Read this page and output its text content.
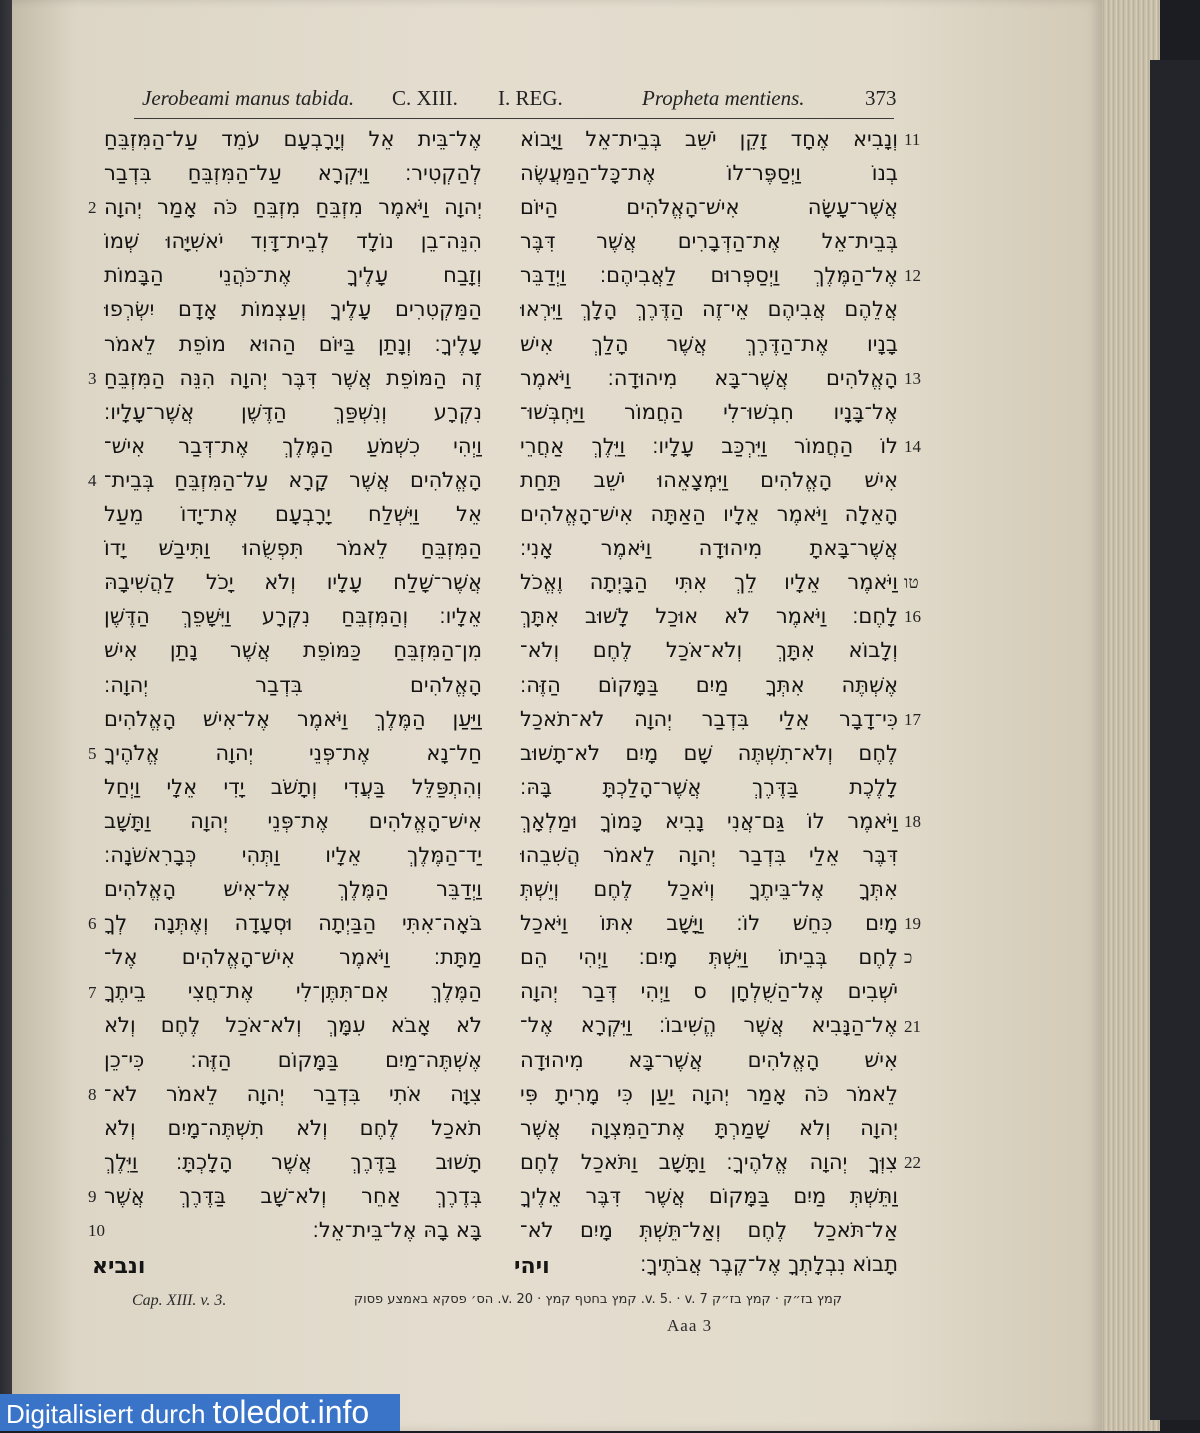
Jerobeami manus tabida. C. XIII. I. REG.	Propheta mentiens.	373
אֶל־בֵּית אֵל וְיָרָבְעָם עֹמֵד עַל־הַמִּזְבֵּחַ
לְהַקְטִיר׃ וַיִּקְרָא עַל־הַמִּזְבֵּחַ בִּדְבַר
יְהוָה וַיֹּאמֶר מִזְבֵּחַ מִזְבֵּחַ כֹּה אָמַר יְהוָה
הִנֵּה־בֵן נוֹלָד לְבֵית־דָּוִד יֹאשִׁיָּהוּ שְׁמוֹ
וְזָבַח עָלֶיךָ אֶת־כֹּהֲנֵי הַבָּמוֹת
הַמַּקְטִרִים עָלֶיךָ וְעַצְמוֹת אָדָם יִשְׂרְפוּ
עָלֶיךָ׃ וְנָתַן בַּיּוֹם הַהוּא מוֹפֵת לֵאמֹר
זֶה הַמּוֹפֵת אֲשֶׁר דִּבֶּר יְהוָה הִנֵּה הַמִּזְבֵּחַ
נִקְרָע וְנִשְׁפַּךְ הַדֶּשֶׁן אֲשֶׁר־עָלָיו׃
וַיְהִי כִשְׁמֹעַ הַמֶּלֶךְ אֶת־דְּבַר אִישׁ־
הָאֱלֹהִים אֲשֶׁר קָרָא עַל־הַמִּזְבֵּחַ בְּבֵית־
אֵל וַיִּשְׁלַח יָרָבְעָם אֶת־יָדוֹ מֵעַל
הַמִּזְבֵּחַ לֵאמֹר תִּפְשֻׂהוּ וַתִּיבַשׁ יָדוֹ
אֲשֶׁר־שָׁלַח עָלָיו וְלֹא יָכֹל לַהֲשִׁיבָהּ
אֵלָיו׃ וְהַמִּזְבֵּחַ נִקְרָע וַיִּשָּׁפֵךְ הַדֶּשֶׁן
מִן־הַמִּזְבֵּחַ כַּמּוֹפֵת אֲשֶׁר נָתַן אִישׁ
הָאֱלֹהִים בִּדְבַר יְהוָה׃
וַיַּעַן הַמֶּלֶךְ וַיֹּאמֶר אֶל־אִישׁ הָאֱלֹהִים
חַל־נָא אֶת־פְּנֵי יְהוָה אֱלֹהֶיךָ
וְהִתְפַּלֵּל בַּעֲדִי וְתָשֹׁב יָדִי אֵלָי וַיְחַל
אִישׁ־הָאֱלֹהִים אֶת־פְּנֵי יְהוָה וַתָּשָׁב
יַד־הַמֶּלֶךְ אֵלָיו וַתְּהִי כְּבָרִאשֹׁנָה׃
וַיְדַבֵּר הַמֶּלֶךְ אֶל־אִישׁ הָאֱלֹהִים
בֹּאָה־אִתִּי הַבַּיְתָה וּסְעָדָה וְאֶתְּנָה לְךָ
מַתָּת׃ וַיֹּאמֶר אִישׁ־הָאֱלֹהִים אֶל־
הַמֶּלֶךְ אִם־תִּתֶּן־לִי אֶת־חֲצִי בֵיתֶךָ
לֹא אָבֹא עִמָּךְ וְלֹא־אֹכַל לֶחֶם וְלֹא
אֶשְׁתֶּה־מַיִם בַּמָּקוֹם הַזֶּה׃ כִּי־כֵן
צִוָּה אֹתִי בִּדְבַר יְהוָה לֵאמֹר לֹא־
תֹאכַל לֶחֶם וְלֹא תִשְׁתֶּה־מָיִם וְלֹא
תָשׁוּב בַּדֶּרֶךְ אֲשֶׁר הָלָכְתָּ׃ וַיֵּלֶךְ
בְּדֶרֶךְ אַחֵר וְלֹא־שָׁב בַּדֶּרֶךְ אֲשֶׁר
בָּא בָהּ אֶל־בֵּית־אֵל׃
וְנָבִיא אֶחָד זָקֵן יֹשֵׁב בְּבֵית־אֵל וַיָּבוֹא
בְנוֹ וַיְסַפֶּר־לוֹ אֶת־כָּל־הַמַּעֲשֶׂה
אֲשֶׁר־עָשָׂה אִישׁ־הָאֱלֹהִים הַיּוֹם
בְּבֵית־אֵל אֶת־הַדְּבָרִים אֲשֶׁר דִּבֶּר
אֶל־הַמֶּלֶךְ וַיְסַפְּרוּם לַאֲבִיהֶם׃ וַיְדַבֵּר
אֲלֵהֶם אֲבִיהֶם אֵי־זֶה הַדֶּרֶךְ הָלָךְ וַיִּרְאוּ
בָנָיו אֶת־הַדֶּרֶךְ אֲשֶׁר הָלַךְ אִישׁ
הָאֱלֹהִים אֲשֶׁר־בָּא מִיהוּדָה׃ וַיֹּאמֶר
אֶל־בָּנָיו חִבְשׁוּ־לִי הַחֲמוֹר וַיַּחְבְּשׁוּ־
לוֹ הַחֲמוֹר וַיִּרְכַּב עָלָיו׃ וַיֵּלֶךְ אַחֲרֵי
אִישׁ הָאֱלֹהִים וַיִּמְצָאֵהוּ יֹשֵׁב תַּחַת
הָאֵלָה וַיֹּאמֶר אֵלָיו הַאַתָּה אִישׁ־הָאֱלֹהִים
אֲשֶׁר־בָּאתָ מִיהוּדָה וַיֹּאמֶר אָנִי׃
וַיֹּאמֶר אֵלָיו לֵךְ אִתִּי הַבָּיְתָה וֶאֱכֹל
לָחֶם׃ וַיֹּאמֶר לֹא אוּכַל לָשׁוּב אִתָּךְ
וְלָבוֹא אִתָּךְ וְלֹא־אֹכַל לֶחֶם וְלֹא־
אֶשְׁתֶּה אִתְּךָ מַיִם בַּמָּקוֹם הַזֶּה׃
כִּי־דָבָר אֵלַי בִּדְבַר יְהוָה לֹא־תֹאכַל
לֶחֶם וְלֹא־תִשְׁתֶּה שָׁם מָיִם לֹא־תָשׁוּב
לָלֶכֶת בַּדֶּרֶךְ אֲשֶׁר־הָלַכְתָּ בָּהּ׃
וַיֹּאמֶר לוֹ גַּם־אֲנִי נָבִיא כָּמוֹךָ וּמַלְאָךְ
דִּבֶּר אֵלַי בִּדְבַר יְהוָה לֵאמֹר הֲשִׁבֵהוּ
אִתְּךָ אֶל־בֵּיתֶךָ וְיֹאכַל לֶחֶם וְיֵשְׁתְּ
מָיִם כִּחֵשׁ לוֹ׃ וַיָּשָׁב אִתּוֹ וַיֹּאכַל
לֶחֶם בְּבֵיתוֹ וַיֵּשְׁתְּ מָיִם׃ וַיְהִי הֵם
יֹשְׁבִים אֶל־הַשֻּׁלְחָן ס וַיְהִי דְּבַר יְהוָה
אֶל־הַנָּבִיא אֲשֶׁר הֱשִׁיבוֹ׃ וַיִּקְרָא אֶל־
אִישׁ הָאֱלֹהִים אֲשֶׁר־בָּא מִיהוּדָה
לֵאמֹר כֹּה אָמַר יְהוָה יַעַן כִּי מָרִיתָ פִּי
יְהוָה וְלֹא שָׁמַרְתָּ אֶת־הַמִּצְוָה אֲשֶׁר
צִוְּךָ יְהוָה אֱלֹהֶיךָ׃ וַתָּשָׁב וַתֹּאכַל לֶחֶם
וַתֵּשְׁתְּ מַיִם בַּמָּקוֹם אֲשֶׁר דִּבֶּר אֵלֶיךָ
אַל־תֹּאכַל לֶחֶם וְאַל־תֵּשְׁתְּ מָיִם לֹא־
תָבוֹא נִבְלָתְךָ אֶל־קֶבֶר אֲבֹתֶיךָ׃
2
3
4
5
6
7
8
9
10
11
12
13
14
טו
16
17
18
19
כ
21
22
ונביא	ויהי
Cap. XIII. v. 3.	קמץ בז״ק · קמץ בז״ק v. 5. · v. 7. קמץ בחטף קמץ · v. 20. הס׳ פסקא באמצע פסוק
Aaa 3
Digitalisiert durch toledot.info
